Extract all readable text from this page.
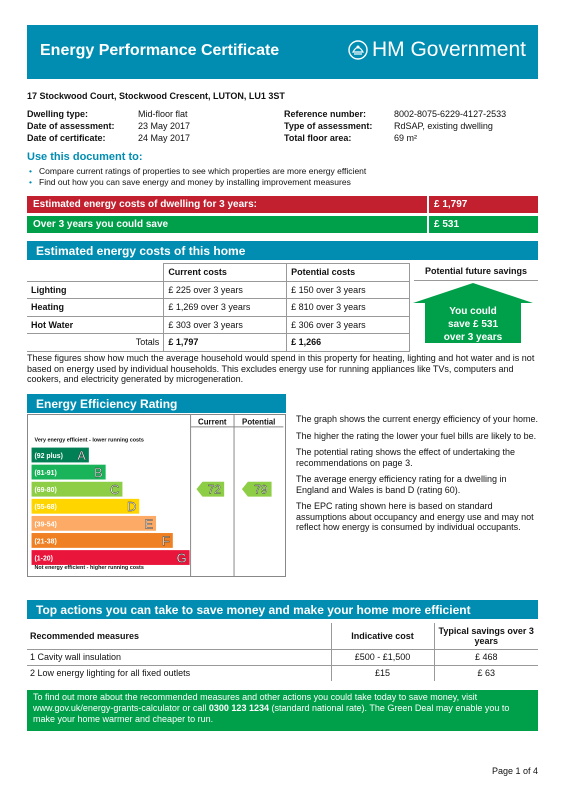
Energy Performance Certificate	HM Government
17 Stockwood Court, Stockwood Crescent, LUTON, LU1 3ST
Dwelling type:	Mid-floor flat
Date of assessment:	23 May 2017
Date of certificate:	24 May 2017
Reference number:	8002-8075-6229-4127-2533
Type of assessment:	RdSAP, existing dwelling
Total floor area:	69 m²
Use this document to:
• Compare current ratings of properties to see which properties are more energy efficient
• Find out how you can save energy and money by installing improvement measures
Estimated energy costs of dwelling for 3 years:	£ 1,797
Over 3 years you could save	£ 531
Estimated energy costs of this home
	Current costs	Potential costs
Lighting	£ 225 over 3 years	£ 150 over 3 years
Heating	£ 1,269 over 3 years	£ 810 over 3 years
Hot Water	£ 303 over 3 years	£ 306 over 3 years
Totals	£ 1,797	£ 1,266
Potential future savings
You could
save £ 531
over 3 years
These figures show how much the average household would spend in this property for heating, lighting and hot water and is not based on energy used by individual households. This excludes energy use for running appliances like TVs, computers and cookers, and electricity generated by microgeneration.
Energy Efficiency Rating
Current Potential
Very energy efficient - lower running costs
Not energy efficient - higher running costs
(92 plus) A
(81-91)	B
(69-80)	C
(55-68)	D
(39-54)	E
(21-38)	F
(1-20)	G
72	79

The graph shows the current energy efficiency of your home.

The higher the rating the lower your fuel bills are likely to be.

The potential rating shows the effect of undertaking the recommendations on page 3.

The average energy efficiency rating for a dwelling in England and Wales is band D (rating 60).

The EPC rating shown here is based on standard assumptions about occupancy and energy use and may not reflect how energy is consumed by individual occupants.

Top actions you can take to save money and make your home more efficient
Recommended measures	Indicative cost	Typical savings over 3 years
1 Cavity wall insulation	£500 - £1,500	£ 468
2 Low energy lighting for all fixed outlets	£15	£ 63
To find out more about the recommended measures and other actions you could take today to save money, visit www.gov.uk/energy-grants-calculator or call 0300 123 1234 (standard national rate). The Green Deal may enable you to make your home warmer and cheaper to run.
Page 1 of 4
